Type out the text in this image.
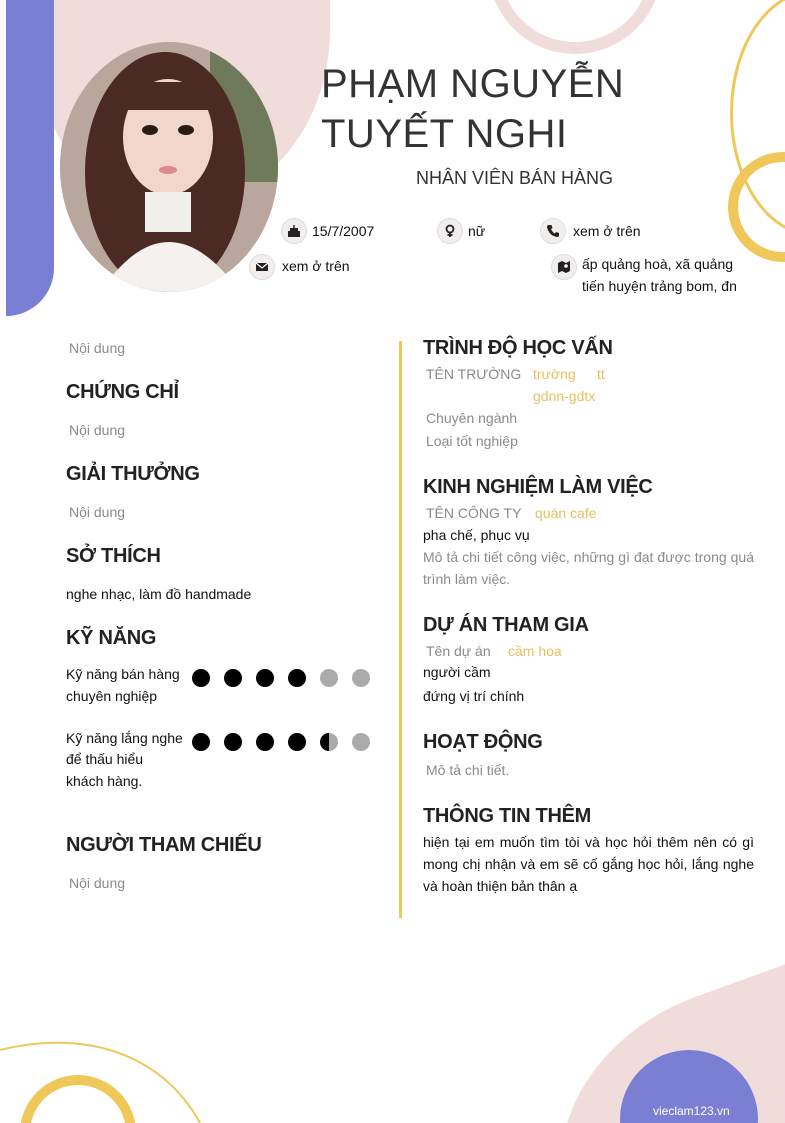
PHẠM NGUYỄN
TUYẾT NGHI
NHÂN VIÊN BÁN HÀNG
15/7/2007	nữ	xem ở trên
xem ở trên	ấp quảng hoà, xã quảng
tiến huyện trảng bom, đn
Nội dung
CHỨNG CHỈ
Nội dung
GIẢI THƯỞNG
Nội dung
SỞ THÍCH
nghe nhạc, làm đồ handmade
KỸ NĂNG
Kỹ năng bán hàng
chuyên nghiệp
Kỹ năng lắng nghe
để thấu hiểu
khách hàng.
NGƯỜI THAM CHIẾU
Nội dung
TRÌNH ĐỘ HỌC VẤN
TÊN TRƯỜNG trường tt
gdnn-gdtx
Chuyên ngành
Loại tốt nghiệp
KINH NGHIỆM LÀM VIỆC
TÊN CÔNG TY quán cafe
pha chế, phục vụ
Mô tả chi tiết công việc, những gì đạt được trong quá trình làm việc.
DỰ ÁN THAM GIA
Tên dự án cầm hoa
người cầm
đứng vị trí chính
HOẠT ĐỘNG
Mô tả chi tiết.
THÔNG TIN THÊM
hiện tại em muốn tìm tòi và học hỏi thêm nên có gì mong chị nhận và em sẽ cố gắng học hỏi, lắng nghe và hoàn thiện bản thân ạ
vieclam123.vn
